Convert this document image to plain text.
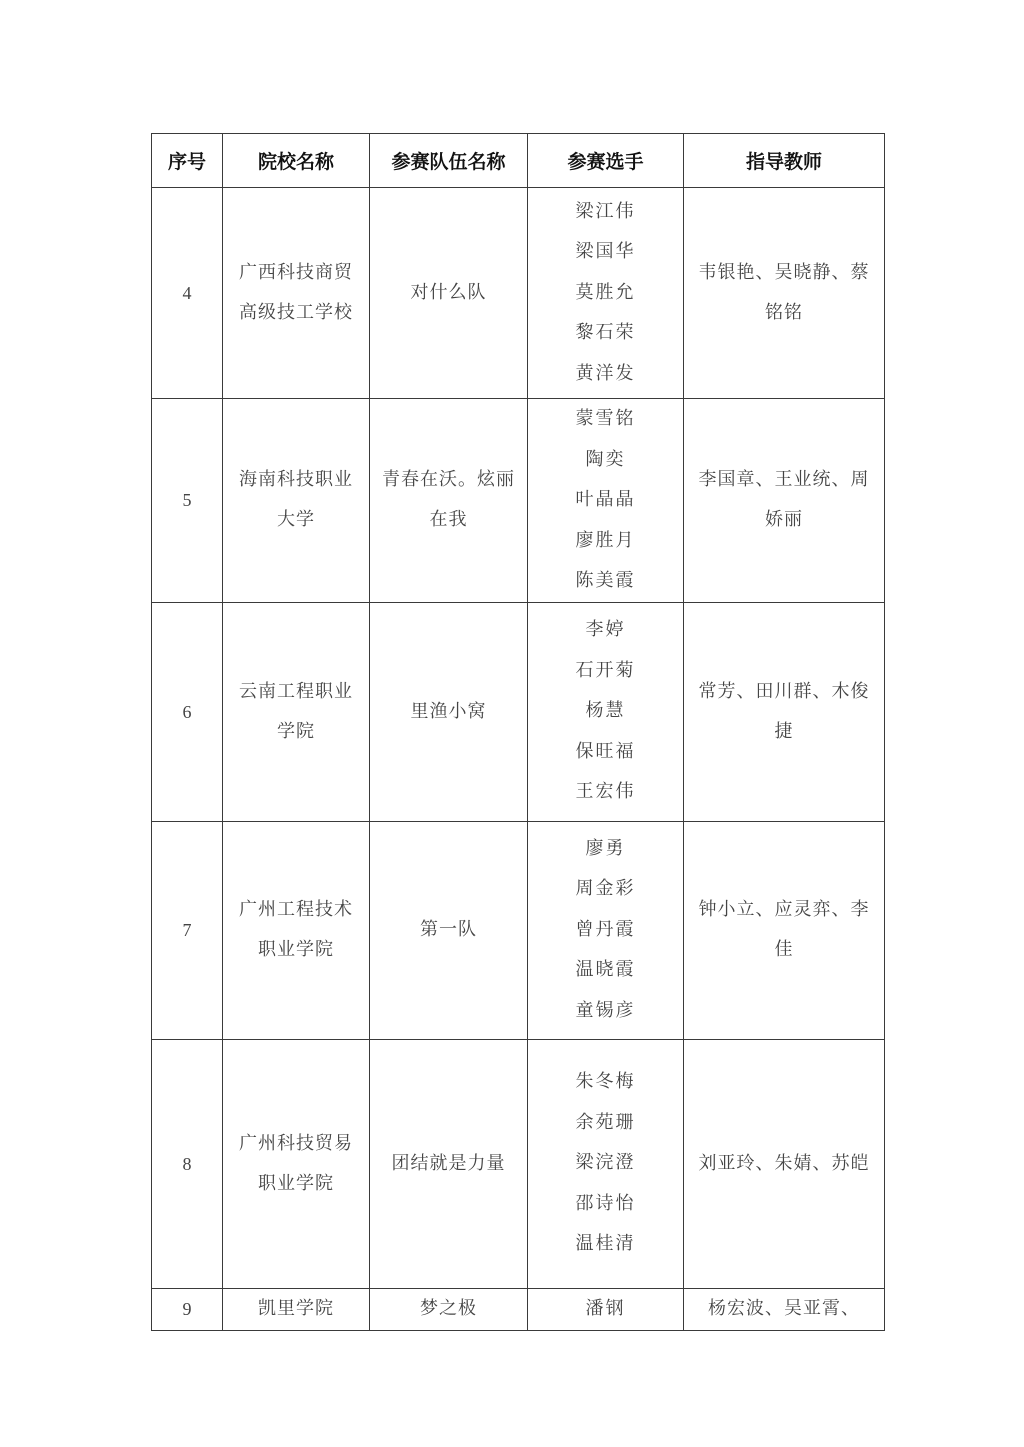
序号	院校名称	参赛队伍名称	参赛选手	指导教师
4	广西科技商贸高级技工学校	对什么队	梁江伟
梁国华
莫胜允
黎石荣
黄洋发	韦银艳、吴晓静、蔡铭铭

5	海南科技职业大学	青春在沃。炫丽在我	蒙雪铭
陶奕
叶晶晶
廖胜月
陈美霞	李国章、王业统、周娇丽

6	云南工程职业学院	里渔小窝	李婷
石开菊
杨慧
保旺福
王宏伟	常芳、田川群、木俊捷

7	广州工程技术职业学院	第一队	廖勇
周金彩
曾丹霞
温晓霞
童锡彦	钟小立、应灵弈、李佳

8	广州科技贸易职业学院	团结就是力量	朱冬梅
余苑珊
梁浣澄
邵诗怡
温桂清	刘亚玲、朱婧、苏皑

9	凯里学院	梦之极	潘钢	杨宏波、吴亚霄、
